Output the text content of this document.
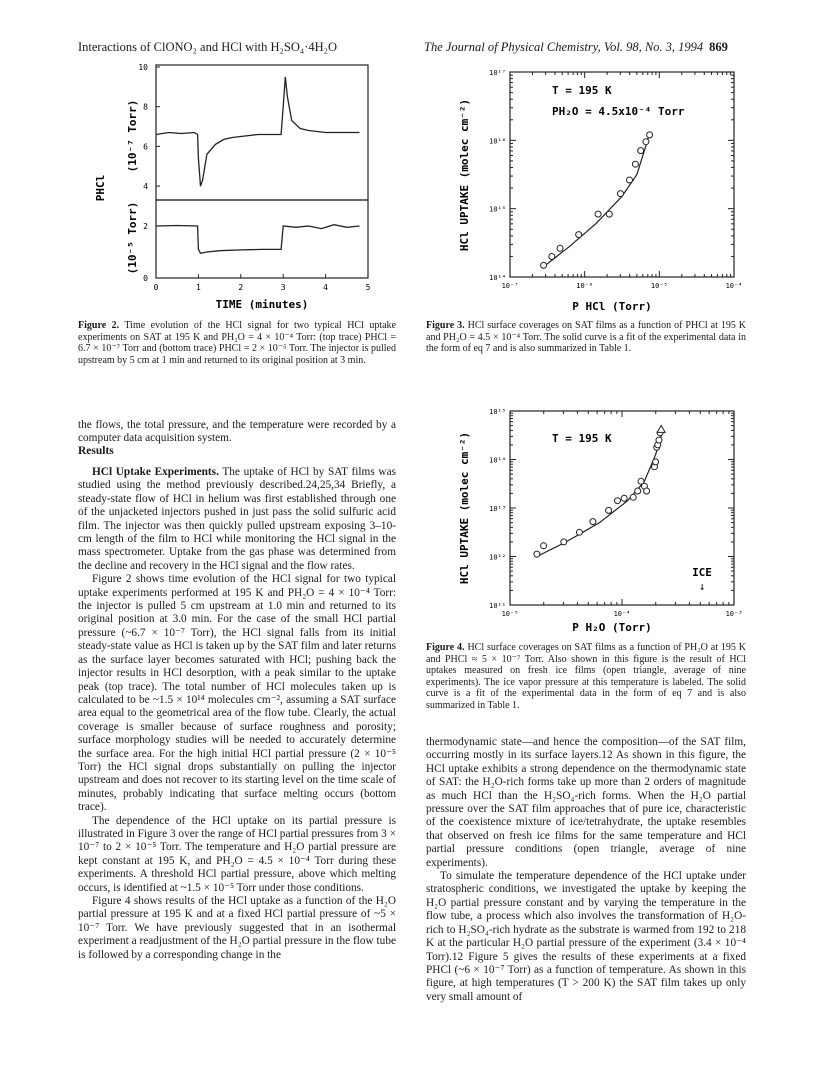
Interactions of ClONO₂ and HCl with H₂SO₄·4H₂O	The Journal of Physical Chemistry, Vol. 98, No. 3, 1994 869
10
8
6
4
2
0
0	1	2	3	4	5
(10⁻⁷ Torr)
(10⁻⁵ Torr)
PHCl
TIME (minutes)
Figure 2. Time evolution of the HCl signal for two typical HCl uptake experiments on SAT at 195 K and PH₂O = 4 × 10⁻⁴ Torr: (top trace) PHCl = 6.7 × 10⁻⁷ Torr and (bottom trace) PHCl = 2 × 10⁻⁵ Torr. The injector is pulled upstream by 5 cm at 1 min and returned to its original position at 3 min.
10⁻⁷	10⁻⁶	10⁻⁵	10⁻⁴
10¹⁴
10¹⁵
10¹⁶
10¹⁷
T = 195 K
PH₂O = 4.5x10⁻⁴ Torr
HCl UPTAKE (molec cm⁻²)
P HCl (Torr)
Figure 3. HCl surface coverages on SAT films as a function of PHCl at 195 K and PH₂O = 4.5 × 10⁻⁴ Torr. The solid curve is a fit of the experimental data in the form of eq 7 and is also summarized in Table 1.
10⁻⁵	10⁻⁴	10⁻³
10¹¹
10¹²
10¹³
10¹⁴
10¹⁵
T = 195 K
ICE
↓
HCl UPTAKE (molec cm⁻²)
P H₂O (Torr)
Figure 4. HCl surface coverages on SAT films as a function of PH₂O at 195 K and PHCl ≈ 5 × 10⁻⁷ Torr. Also shown in this figure is the result of HCl uptakes measured on fresh ice films (open triangle, average of nine experiments). The ice vapor pressure at this temperature is labeled. The solid curve is a fit of the experimental data in the form of eq 7 and is also summarized in Table 1.

the flows, the total pressure, and the temperature were recorded by a computer data acquisition system.

Results

HCl Uptake Experiments. The uptake of HCl by SAT films was studied using the method previously described.24,25,34 Briefly, a steady-state flow of HCl in helium was first established through one of the unjacketed injectors pushed in just pass the solid sulfuric acid film. The injector was then quickly pulled upstream exposing 3–10-cm length of the film to HCl while monitoring the HCl signal in the mass spectrometer. Uptake from the gas phase was determined from the decline and recovery in the HCl signal and the flow rates.

Figure 2 shows time evolution of the HCl signal for two typical uptake experiments performed at 195 K and PH₂O = 4 × 10⁻⁴ Torr: the injector is pulled 5 cm upstream at 1.0 min and returned to its original position at 3.0 min. For the case of the small HCl partial pressure (~6.7 × 10⁻⁷ Torr), the HCl signal falls from its initial steady-state value as HCl is taken up by the SAT film and later returns as the surface layer becomes saturated with HCl; pushing back the injector results in HCl desorption, with a peak similar to the uptake peak (top trace). The total number of HCl molecules taken up is calculated to be ~1.5 × 10¹⁴ molecules cm⁻², assuming a SAT surface area equal to the geometrical area of the flow tube. Clearly, the actual coverage is smaller because of surface roughness and porosity; surface morphology studies will be needed to accurately determine the surface area. For the high initial HCl partial pressure (2 × 10⁻⁵ Torr) the HCl signal drops substantially on pulling the injector upstream and does not recover to its starting level on the time scale of minutes, probably indicating that surface melting occurs (bottom trace).

The dependence of the HCl uptake on its partial pressure is illustrated in Figure 3 over the range of HCl partial pressures from 3 × 10⁻⁷ to 2 × 10⁻⁵ Torr. The temperature and H₂O partial pressure are kept constant at 195 K, and PH₂O = 4.5 × 10⁻⁴ Torr during these experiments. A threshold HCl partial pressure, above which melting occurs, is identified at ~1.5 × 10⁻⁵ Torr under those conditions.

Figure 4 shows results of the HCl uptake as a function of the H₂O partial pressure at 195 K and at a fixed HCl partial pressure of ~5 × 10⁻⁷ Torr. We have previously suggested that in an isothermal experiment a readjustment of the H₂O partial pressure in the flow tube is followed by a corresponding change in the

thermodynamic state—and hence the composition—of the SAT film, occurring mostly in its surface layers.12 As shown in this figure, the HCl uptake exhibits a strong dependence on the thermodynamic state of SAT: the H₂O-rich forms take up more than 2 orders of magnitude as much HCl than the H₂SO₄-rich forms. When the H₂O partial pressure over the SAT film approaches that of pure ice, characteristic of the coexistence mixture of ice/tetrahydrate, the uptake resembles that observed on fresh ice films for the same temperature and HCl partial pressure conditions (open triangle, average of nine experiments).

To simulate the temperature dependence of the HCl uptake under stratospheric conditions, we investigated the uptake by keeping the H₂O partial pressure constant and by varying the temperature in the flow tube, a process which also involves the transformation of H₂O-rich to H₂SO₄-rich hydrate as the substrate is warmed from 192 to 218 K at the particular H₂O partial pressure of the experiment (3.4 × 10⁻⁴ Torr).12 Figure 5 gives the results of these experiments at a fixed PHCl (~6 × 10⁻⁷ Torr) as a function of temperature. As shown in this figure, at high temperatures (T > 200 K) the SAT film takes up only very small amount of
